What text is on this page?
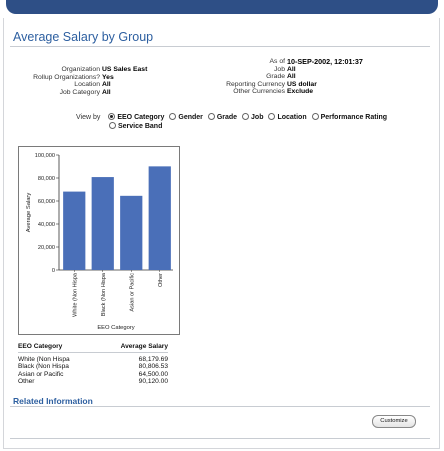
Average Salary by Group
Organization US Sales East
Rollup Organizations? Yes
Location All
Job Category All
As of 10-SEP-2002, 12:01:37
Job All
Grade All
Reporting Currency US dollar
Other Currencies Exclude
View by EEO Category Gender Grade Job Location Performance Rating
Service Band
0
20,000
40,000
60,000
80,000
100,000
White (Non Hispa	Black (Non Hispa	Asian or Pacific	Other
Average Salary
EEO Category
EEO Category	Average Salary
White (Non Hispa	68,179.69
Black (Non Hispa	80,806.53
Asian or Pacific	64,500.00
Other	90,120.00
Related Information
Customize
